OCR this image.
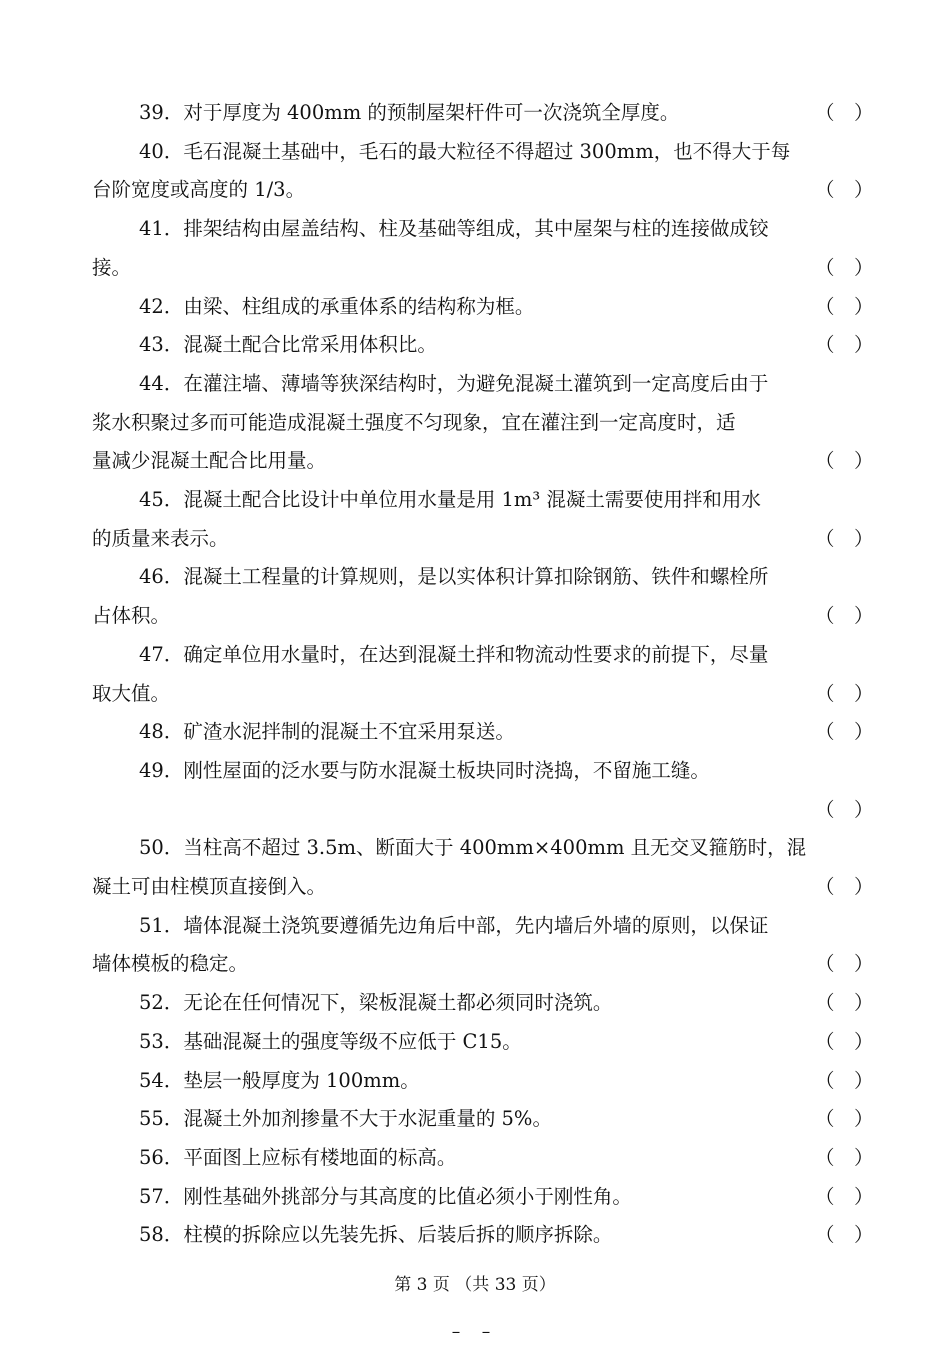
39．对于厚度为 400mm 的预制屋架杆件可一次浇筑全厚度。	（　）
40．毛石混凝土基础中，毛石的最大粒径不得超过 300mm，也不得大于每
台阶宽度或高度的 1/3。	（　）
41．排架结构由屋盖结构、柱及基础等组成，其中屋架与柱的连接做成铰
接。	（　）
42．由梁、柱组成的承重体系的结构称为框。	（　）
43．混凝土配合比常采用体积比。	（　）
44．在灌注墙、薄墙等狭深结构时，为避免混凝土灌筑到一定高度后由于
浆水积聚过多而可能造成混凝土强度不匀现象，宜在灌注到一定高度时，适
量减少混凝土配合比用量。	（　）
45．混凝土配合比设计中单位用水量是用 1m³ 混凝土需要使用拌和用水
的质量来表示。	（　）
46．混凝土工程量的计算规则，是以实体积计算扣除钢筋、铁件和螺栓所
占体积。	（　）
47．确定单位用水量时，在达到混凝土拌和物流动性要求的前提下，尽量
取大值。	（　）
48．矿渣水泥拌制的混凝土不宜采用泵送。	（　）
49．刚性屋面的泛水要与防水混凝土板块同时浇捣，不留施工缝。
（　）
50．当柱高不超过 3.5m、断面大于 400mm×400mm 且无交叉箍筋时，混
凝土可由柱模顶直接倒入。	（　）
51．墙体混凝土浇筑要遵循先边角后中部，先内墙后外墙的原则，以保证
墙体模板的稳定。	（　）
52．无论在任何情况下，梁板混凝土都必须同时浇筑。	（　）
53．基础混凝土的强度等级不应低于 C15。	（　）
54．垫层一般厚度为 100mm。	（　）
55．混凝土外加剂掺量不大于水泥重量的 5%。	（　）
56．平面图上应标有楼地面的标高。	（　）
57．刚性基础外挑部分与其高度的比值必须小于刚性角。	（　）
58．柱模的拆除应以先装先拆、后装后拆的顺序拆除。	（　）
第 3 页 （共 33 页）
– –
